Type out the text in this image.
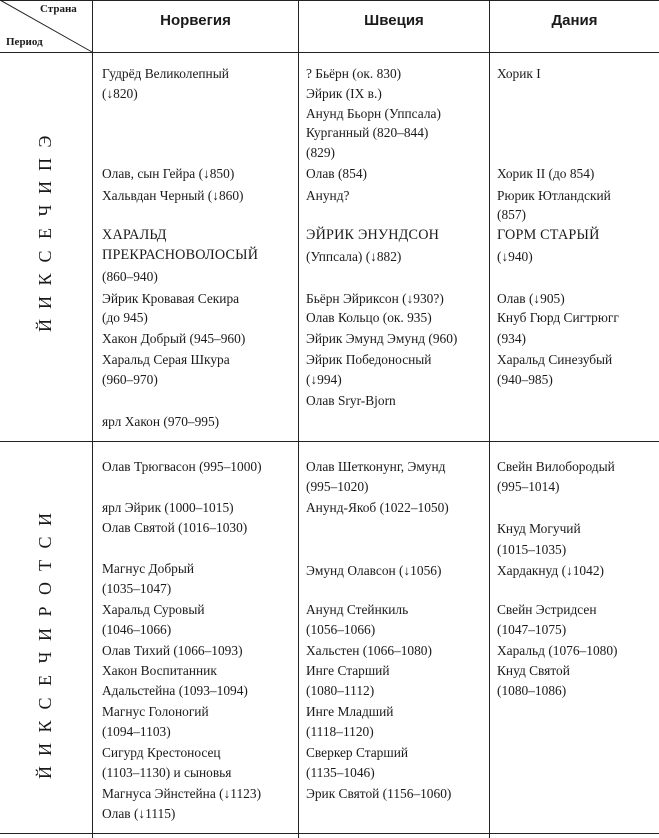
Страна
Период
Норвегия	Швеция	Дания
Э
П
И
Ч
Е
С
К
И
Й
И
С
Т
О
Р
И
Ч
Е
С
К
И
Й
Гудрёд Великолепный
(↓820)
Олав, сын Гейра (↓850)
Хальвдан Черный (↓860)
ХАРАЛЬД
ПРЕКРАСНОВОЛОСЫЙ
(860–940)
Эйрик Кровавая Секира
(до 945)
Хакон Добрый (945–960)
Харальд Серая Шкура
(960–970)
ярл Хакон (970–995)
? Бьёрн (ок. 830)
Эйрик (IX в.)
Анунд Бьорн (Уппсала)
Курганный (820–844)
(829)
Олав (854)
Анунд?
ЭЙРИК ЭНУНДСОН
(Уппсала) (↓882)
Бьёрн Эйриксон (↓930?)
Олав Кольцо (ок. 935)
Эйрик Эмунд Эмунд (960)
Эйрик Победоносный
(↓994)
Олав Sryr-Bjorn
Хорик I
Хорик II (до 854)
Рюрик Ютландский
(857)
ГОРМ СТАРЫЙ
(↓940)
Олав (↓905)
Кнуб Гюрд Сигтрюгг
(934)
Харальд Синезубый
(940–985)
Олав Трюгвасон (995–1000)
ярл Эйрик (1000–1015)
Олав Святой (1016–1030)
Магнус Добрый
(1035–1047)
Харальд Суровый
(1046–1066)
Олав Тихий (1066–1093)
Хакон Воспитанник
Адальстейна (1093–1094)
Магнус Голоногий
(1094–1103)
Сигурд Крестоносец
(1103–1130) и сыновья
Магнуса Эйнстейна (↓1123)
Олав (↓1115)
Олав Шетконунг, Эмунд
(995–1020)
Анунд-Якоб (1022–1050)
Эмунд Олавсон (↓1056)
Анунд Стейнкиль
(1056–1066)
Хальстен (1066–1080)
Инге Старший
(1080–1112)
Инге Младший
(1118–1120)
Сверкер Старший
(1135–1046)
Эрик Святой (1156–1060)
Свейн Вилобородый
(995–1014)
Кнуд Могучий
(1015–1035)
Хардакнуд (↓1042)
Свейн Эстридсен
(1047–1075)
Харальд (1076–1080)
Кнуд Святой
(1080–1086)
